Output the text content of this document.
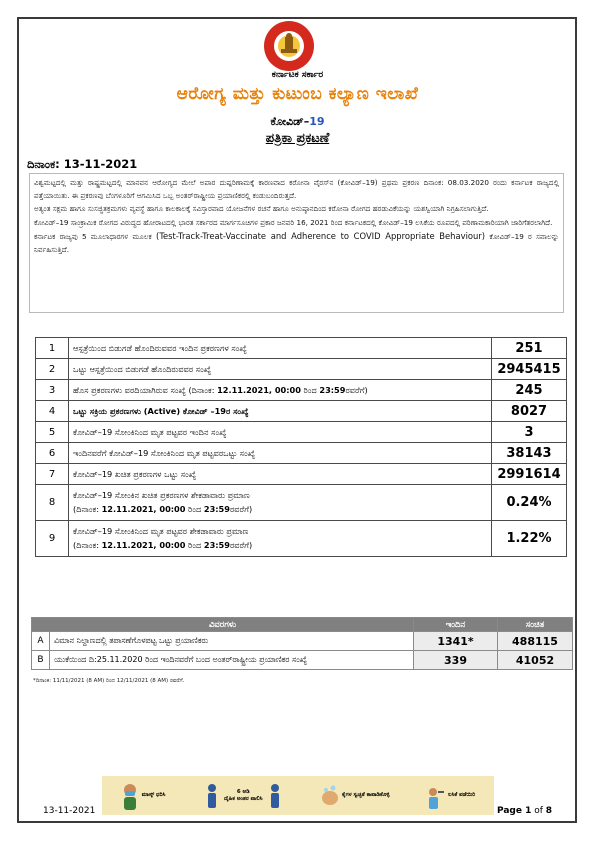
ಕರ್ನಾಟಕ ಸರ್ಕಾರ
ಆರೋಗ್ಯ ಮತ್ತು ಕುಟುಂಬ ಕಲ್ಯಾಣ ಇಲಾಖೆ
ಕೋವಿಡ್–19
ಪತ್ರಿಕಾ ಪ್ರಕಟಣೆ
ದಿನಾಂಕ: 13-11-2021

ವಿಶ್ವಮಟ್ಟದಲ್ಲಿ ಮತ್ತು ರಾಷ್ಟ್ರಮಟ್ಟದಲ್ಲಿ ಮಾನವನ ಆರೋಗ್ಯದ ಮೇಲೆ ಅಪಾರ ದುಷ್ಪರಿಣಾಮಕ್ಕೆ ಕಾರಣವಾದ ಕರೋನಾ ವೈರಸ್‌ನ (ಕೋವಿಡ್–19) ಪ್ರಥಮ ಪ್ರಕರಣ ದಿನಾಂಕ: 08.03.2020 ರಂದು ಕರ್ನಾಟಕ ರಾಜ್ಯದಲ್ಲಿ ಪತ್ತೆಯಾಯಿತು. ಈ ಪ್ರಕರಣವು ಬೆಂಗಳೂರಿಗೆ ಆಗಮಿಸಿದ ಒಬ್ಬ ಅಂತರ್‌ರಾಷ್ಟ್ರೀಯ ಪ್ರಯಾಣಿಕರಲ್ಲಿ ಕಂಡುಬಂದಿರುತ್ತದೆ.

ಅತ್ಯಂತ ಸಕ್ಷಮ ಹಾಗೂ ಸುಸಜ್ಜಿತಕ್ರಮಗಳು ವ್ಯವಸ್ಥೆ ಹಾಗೂ ಕಾಲಕಾಲಕ್ಕೆ ಸವಿಸ್ತಾರವಾದ ಯೋಜನೆಗಳ ರಚನೆ ಹಾಗೂ ಅನುಷ್ಠಾನದಿಂದ ಕರೋನಾ ರೋಗದ ಹರಡುವಿಕೆಯನ್ನು ಯಶಸ್ವಿಯಾಗಿ ನಿಗ್ರಹಿಸಲಾಗುತ್ತಿದೆ.

ಕೋವಿಡ್–19 ಸಾಂಕ್ರಾಮಿಕ ರೋಗದ ವಿರುದ್ಧದ ಹೋರಾಟದಲ್ಲಿ ಭಾರತ ಸರ್ಕಾರದ ಮಾರ್ಗಸೂಚಿಗಳ ಪ್ರಕಾರ ಜನವರಿ 16, 2021 ರಿಂದ ಕರ್ನಾಟಕದಲ್ಲಿ ಕೋವಿಡ್–19 ಲಸಿಕೆಯ ರೂಪದಲ್ಲಿ ಪರಿಣಾಮಕಾರಿಯಾಗಿ ಜಾರಿಗೆತರಲಾಗಿದೆ.

ಕರ್ನಾಟಕ ರಾಜ್ಯವು 5 ಮೂಲಾಧಾರಗಳ ಮೂಲಕ (Test-Track-Treat-Vaccinate and Adherence to COVID Appropriate Behaviour) ಕೋವಿಡ್–19 ರ ಸವಾಲನ್ನು ನಿರ್ವಹಿಸುತ್ತಿದೆ.

1	ಆಸ್ಪತ್ರೆಯಿಂದ ಬಿಡುಗಡೆ ಹೊಂದಿರುವವರ ಇಂದಿನ ಪ್ರಕರಣಗಳ ಸಂಖ್ಯೆ	251
2	ಒಟ್ಟು ಆಸ್ಪತ್ರೆಯಿಂದ ಬಿಡುಗಡೆ ಹೊಂದಿರುವವರ ಸಂಖ್ಯೆ	2945415
3	ಹೊಸ ಪ್ರಕರಣಗಳು ವರದಿಯಾಗಿರುವ ಸಂಖ್ಯೆ (ದಿನಾಂಕ: 12.11.2021, 00:00 ರಿಂದ 23:59ರವರೆಗೆ)	245
4	ಒಟ್ಟು ಸಕ್ರಿಯ ಪ್ರಕರಣಗಳು (Active) ಕೋವಿಡ್ –19ರ ಸಂಖ್ಯೆ	8027
5	ಕೋವಿಡ್–19 ಸೋಂಕಿನಿಂದ ಮೃತ ಪಟ್ಟವರ ಇಂದಿನ ಸಂಖ್ಯೆ	3
6	ಇಂದಿನವರೆಗೆ ಕೋವಿಡ್–19 ಸೋಂಕಿನಿಂದ ಮೃತ ಪಟ್ಟವರಒಟ್ಟು ಸಂಖ್ಯೆ	38143
7	ಕೋವಿಡ್–19 ಖಚಿತ ಪ್ರಕರಣಗಳ ಒಟ್ಟು ಸಂಖ್ಯೆ	2991614
8	ಕೋವಿಡ್–19 ಸೋಂಕಿನ ಖಚಿತ ಪ್ರಕರಣಗಳ ಶೇಕಡಾವಾರು ಪ್ರಮಾಣ
(ದಿನಾಂಕ: 12.11.2021, 00:00 ರಿಂದ 23:59ರವರೆಗೆ)	0.24%
9	ಕೋವಿಡ್–19 ಸೋಂಕಿನಿಂದ ಮೃತ ಪಟ್ಟವರ ಶೇಕಡಾವಾರು ಪ್ರಮಾಣ
(ದಿನಾಂಕ: 12.11.2021, 00:00 ರಿಂದ 23:59ರವರೆಗೆ)	1.22%
ವಿವರಗಳು		ಇಂದಿನ	ಸಂಚಿತ
A	ವಿಮಾನ ನಿಲ್ದಾಣದಲ್ಲಿ ತಪಾಸಣೆಗೊಳಪಟ್ಟ ಒಟ್ಟು ಪ್ರಯಾಣಿಕರು	1341*	488115
B	ಯುಕೆಯಿಂದ ದಿ:25.11.2020 ರಿಂದ ಇಂದಿನವರೆಗೆ ಬಂದ ಅಂತರ್‌ರಾಷ್ಟ್ರೀಯ ಪ್ರಯಾಣಿಕರ ಸಂಖ್ಯೆ	339	41052
*ದಿನಾಂಕ: 11/11/2021 (8 AM) ರಿಂದ 12/11/2021 (8 AM) ರವರೆಗೆ.
ಮಾಸ್ಕ್ ಧರಿಸಿ
6 ಅಡಿ
ದೈಹಿಕ ಅಂತರ ಪಾಲಿಸಿ
ಕೈಗಳ ಸ್ವಚ್ಛತೆ ಕಾಪಾಡಿಕೊಳ್ಳಿ	ಲಸಿಕೆ ಪಡೆಯಿರಿ
13-11-2021	Page 1 of 8
